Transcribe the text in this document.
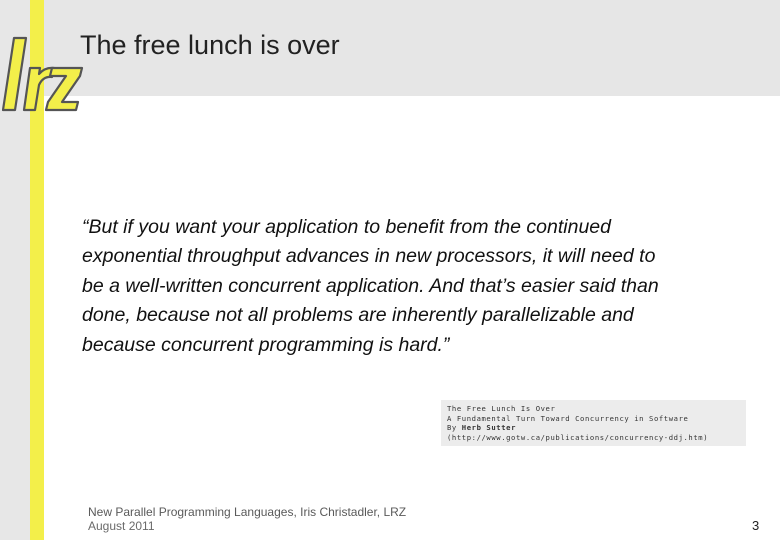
The free lunch is over

“But if you want your application to benefit from the continued exponential throughput advances in new processors, it will need to be a well-written concurrent application. And that’s easier said than done, because not all problems are inherently parallelizable and because concurrent programming is hard.”

The Free Lunch Is Over
A Fundamental Turn Toward Concurrency in Software
By Herb Sutter
(http://www.gotw.ca/publications/concurrency-ddj.htm)
New Parallel Programming Languages, Iris Christadler, LRZ
August 2011	3
